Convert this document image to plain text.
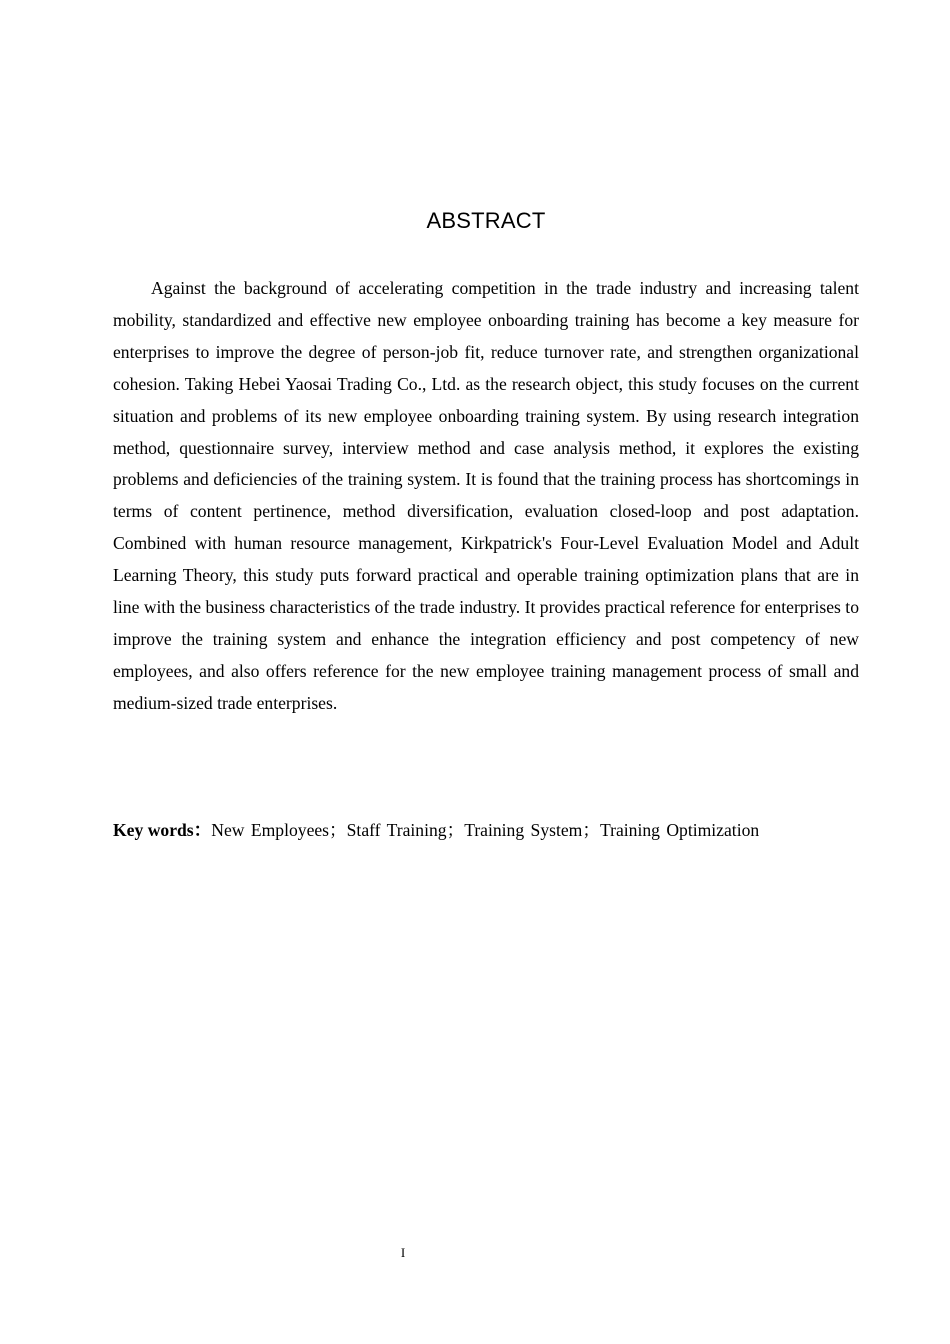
ABSTRACT

Against the background of accelerating competition in the trade industry and increasing talent mobility, standardized and effective new employee onboarding training has become a key measure for enterprises to improve the degree of person-job fit, reduce turnover rate, and strengthen organizational cohesion. Taking Hebei Yaosai Trading Co., Ltd. as the research object, this study focuses on the current situation and problems of its new employee onboarding training system. By using research integration method, questionnaire survey, interview method and case analysis method, it explores the existing problems and deficiencies of the training system. It is found that the training process has shortcomings in terms of content pertinence, method diversification, evaluation closed-loop and post adaptation. Combined with human resource management, Kirkpatrick's Four-Level Evaluation Model and Adult Learning Theory, this study puts forward practical and operable training optimization plans that are in line with the business characteristics of the trade industry. It provides practical reference for enterprises to improve the training system and enhance the integration efficiency and post competency of new employees, and also offers reference for the new employee training management process of small and medium-sized trade enterprises.

Key words：New Employees；Staff Training；Training System；Training Optimization
I
